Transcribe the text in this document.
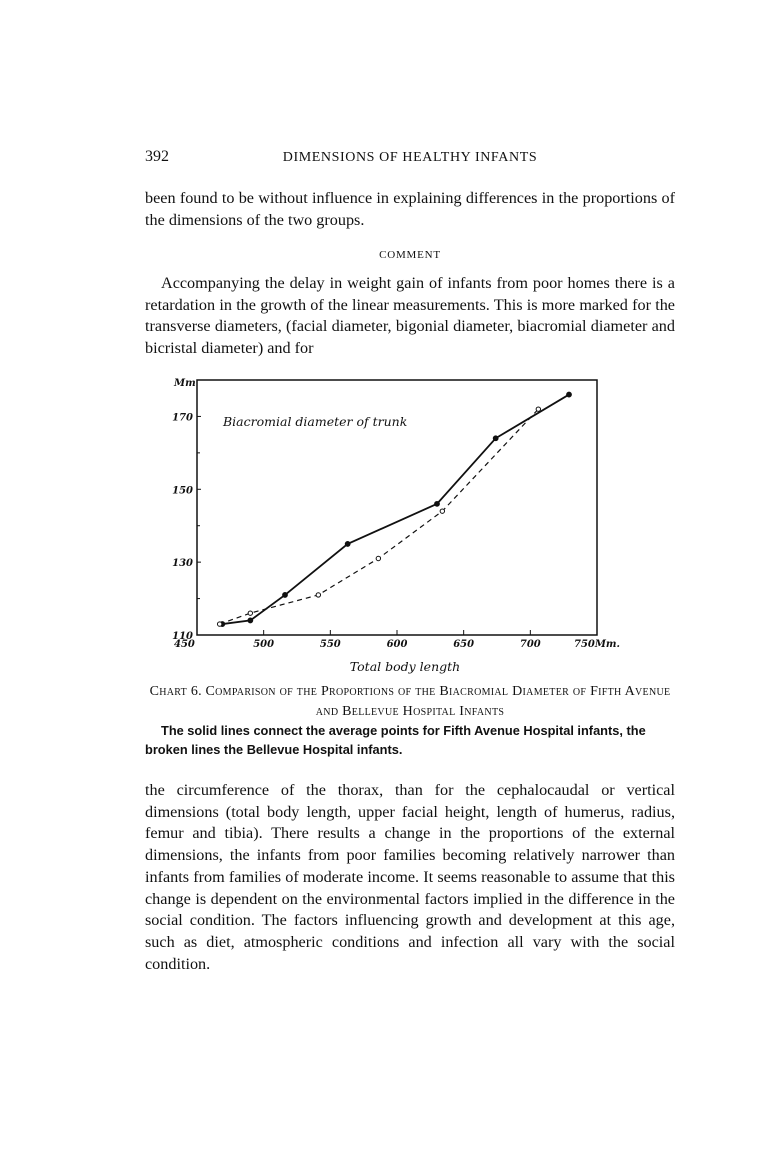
392	DIMENSIONS OF HEALTHY INFANTS

been found to be without influence in explaining differences in the proportions of the dimensions of the two groups.

COMMENT

Accompanying the delay in weight gain of infants from poor homes there is a retardation in the growth of the linear measurements. This is more marked for the transverse diameters, (facial diameter, bigonial diameter, biacromial diameter and bicristal diameter) and for

Mm
Biacromial diameter of trunk
450	500	550	600	650	700	750Mm.
110
130
150
170
Total body length
Chart 6. Comparison of the Proportions of the Biacromial Diameter of Fifth Avenue and Bellevue Hospital Infants
The solid lines connect the average points for Fifth Avenue Hospital infants, the broken lines the Bellevue Hospital infants.

the circumference of the thorax, than for the cephalocaudal or vertical dimensions (total body length, upper facial height, length of humerus, radius, femur and tibia). There results a change in the proportions of the external dimensions, the infants from poor families becoming relatively narrower than infants from families of moderate income. It seems reasonable to assume that this change is dependent on the environmental factors implied in the difference in the social condition. The factors influencing growth and development at this age, such as diet, atmospheric conditions and infection all vary with the social condition.
